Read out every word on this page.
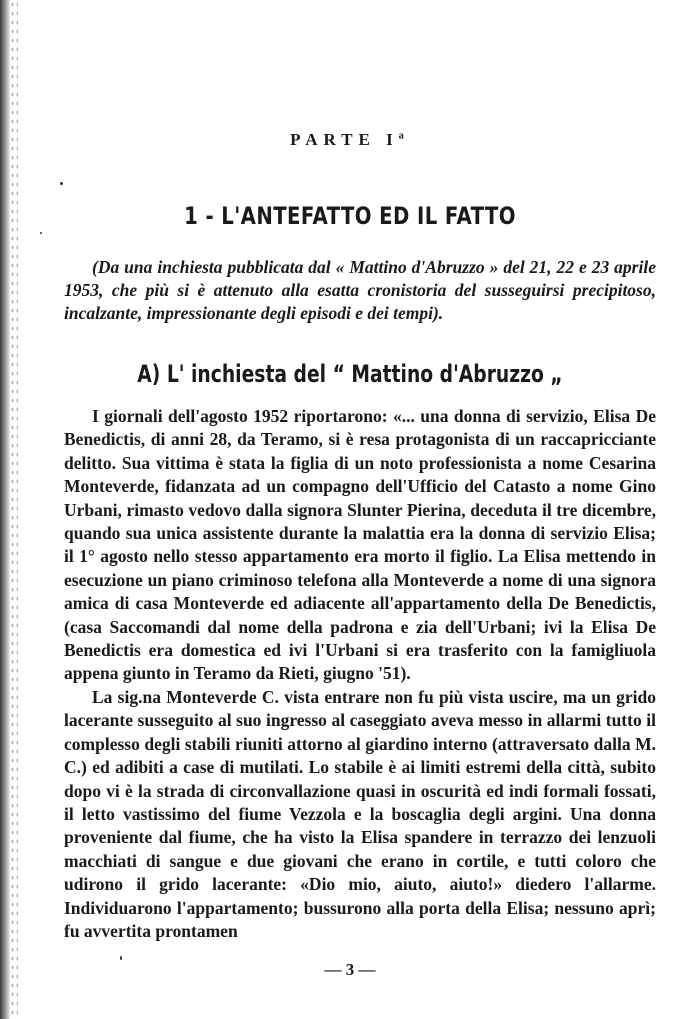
PARTE Iª
1 - L'ANTEFATTO ED IL FATTO
(Da una inchiesta pubblicata dal « Mattino d'Abruzzo » del 21, 22 e 23 aprile 1953, che più si è attenuto alla esatta cronistoria del susseguirsi precipitoso, incalzante, impressionante degli episodi e dei tempi).
A) L' inchiesta del “ Mattino d'Abruzzo „

I giornali dell'agosto 1952 riportarono: «... una donna di servizio, Elisa De Benedictis, di anni 28, da Teramo, si è resa protagonista di un raccapricciante delitto. Sua vittima è stata la figlia di un noto professionista a nome Cesarina Monteverde, fidanzata ad un compagno dell'Ufficio del Catasto a nome Gino Urbani, rimasto vedovo dalla signora Slunter Pierina, deceduta il tre dicembre, quando sua unica assistente durante la malattia era la donna di servizio Elisa; il 1° agosto nello stesso appartamento era morto il figlio. La Elisa mettendo in esecuzione un piano criminoso telefona alla Monteverde a nome di una signora amica di casa Monteverde ed adiacente all'appartamento della De Benedictis, (casa Saccomandi dal nome della padrona e zia dell'Urbani; ivi la Elisa De Benedictis era domestica ed ivi l'Urbani si era trasferito con la famigliuola appena giunto in Teramo da Rieti, giugno '51).

La sig.na Monteverde C. vista entrare non fu più vista uscire, ma un grido lacerante susseguito al suo ingresso al caseggiato aveva messo in allarmi tutto il complesso degli stabili riuniti attorno al giardino interno (attraversato dalla M. C.) ed adibiti a case di mutilati. Lo stabile è ai limiti estremi della città, subito dopo vi è la strada di circonvallazione quasi in oscurità ed indi formali fossati, il letto vastissimo del fiume Vezzola e la boscaglia degli argini. Una donna proveniente dal fiume, che ha visto la Elisa spandere in terrazzo dei lenzuoli macchiati di sangue e due giovani che erano in cortile, e tutti coloro che udirono il grido lacerante: «Dio mio, aiuto, aiuto!» diedero l'allarme. Individuarono l'appartamento; bussurono alla porta della Elisa; nessuno aprì; fu avvertita prontamen

— 3 —
